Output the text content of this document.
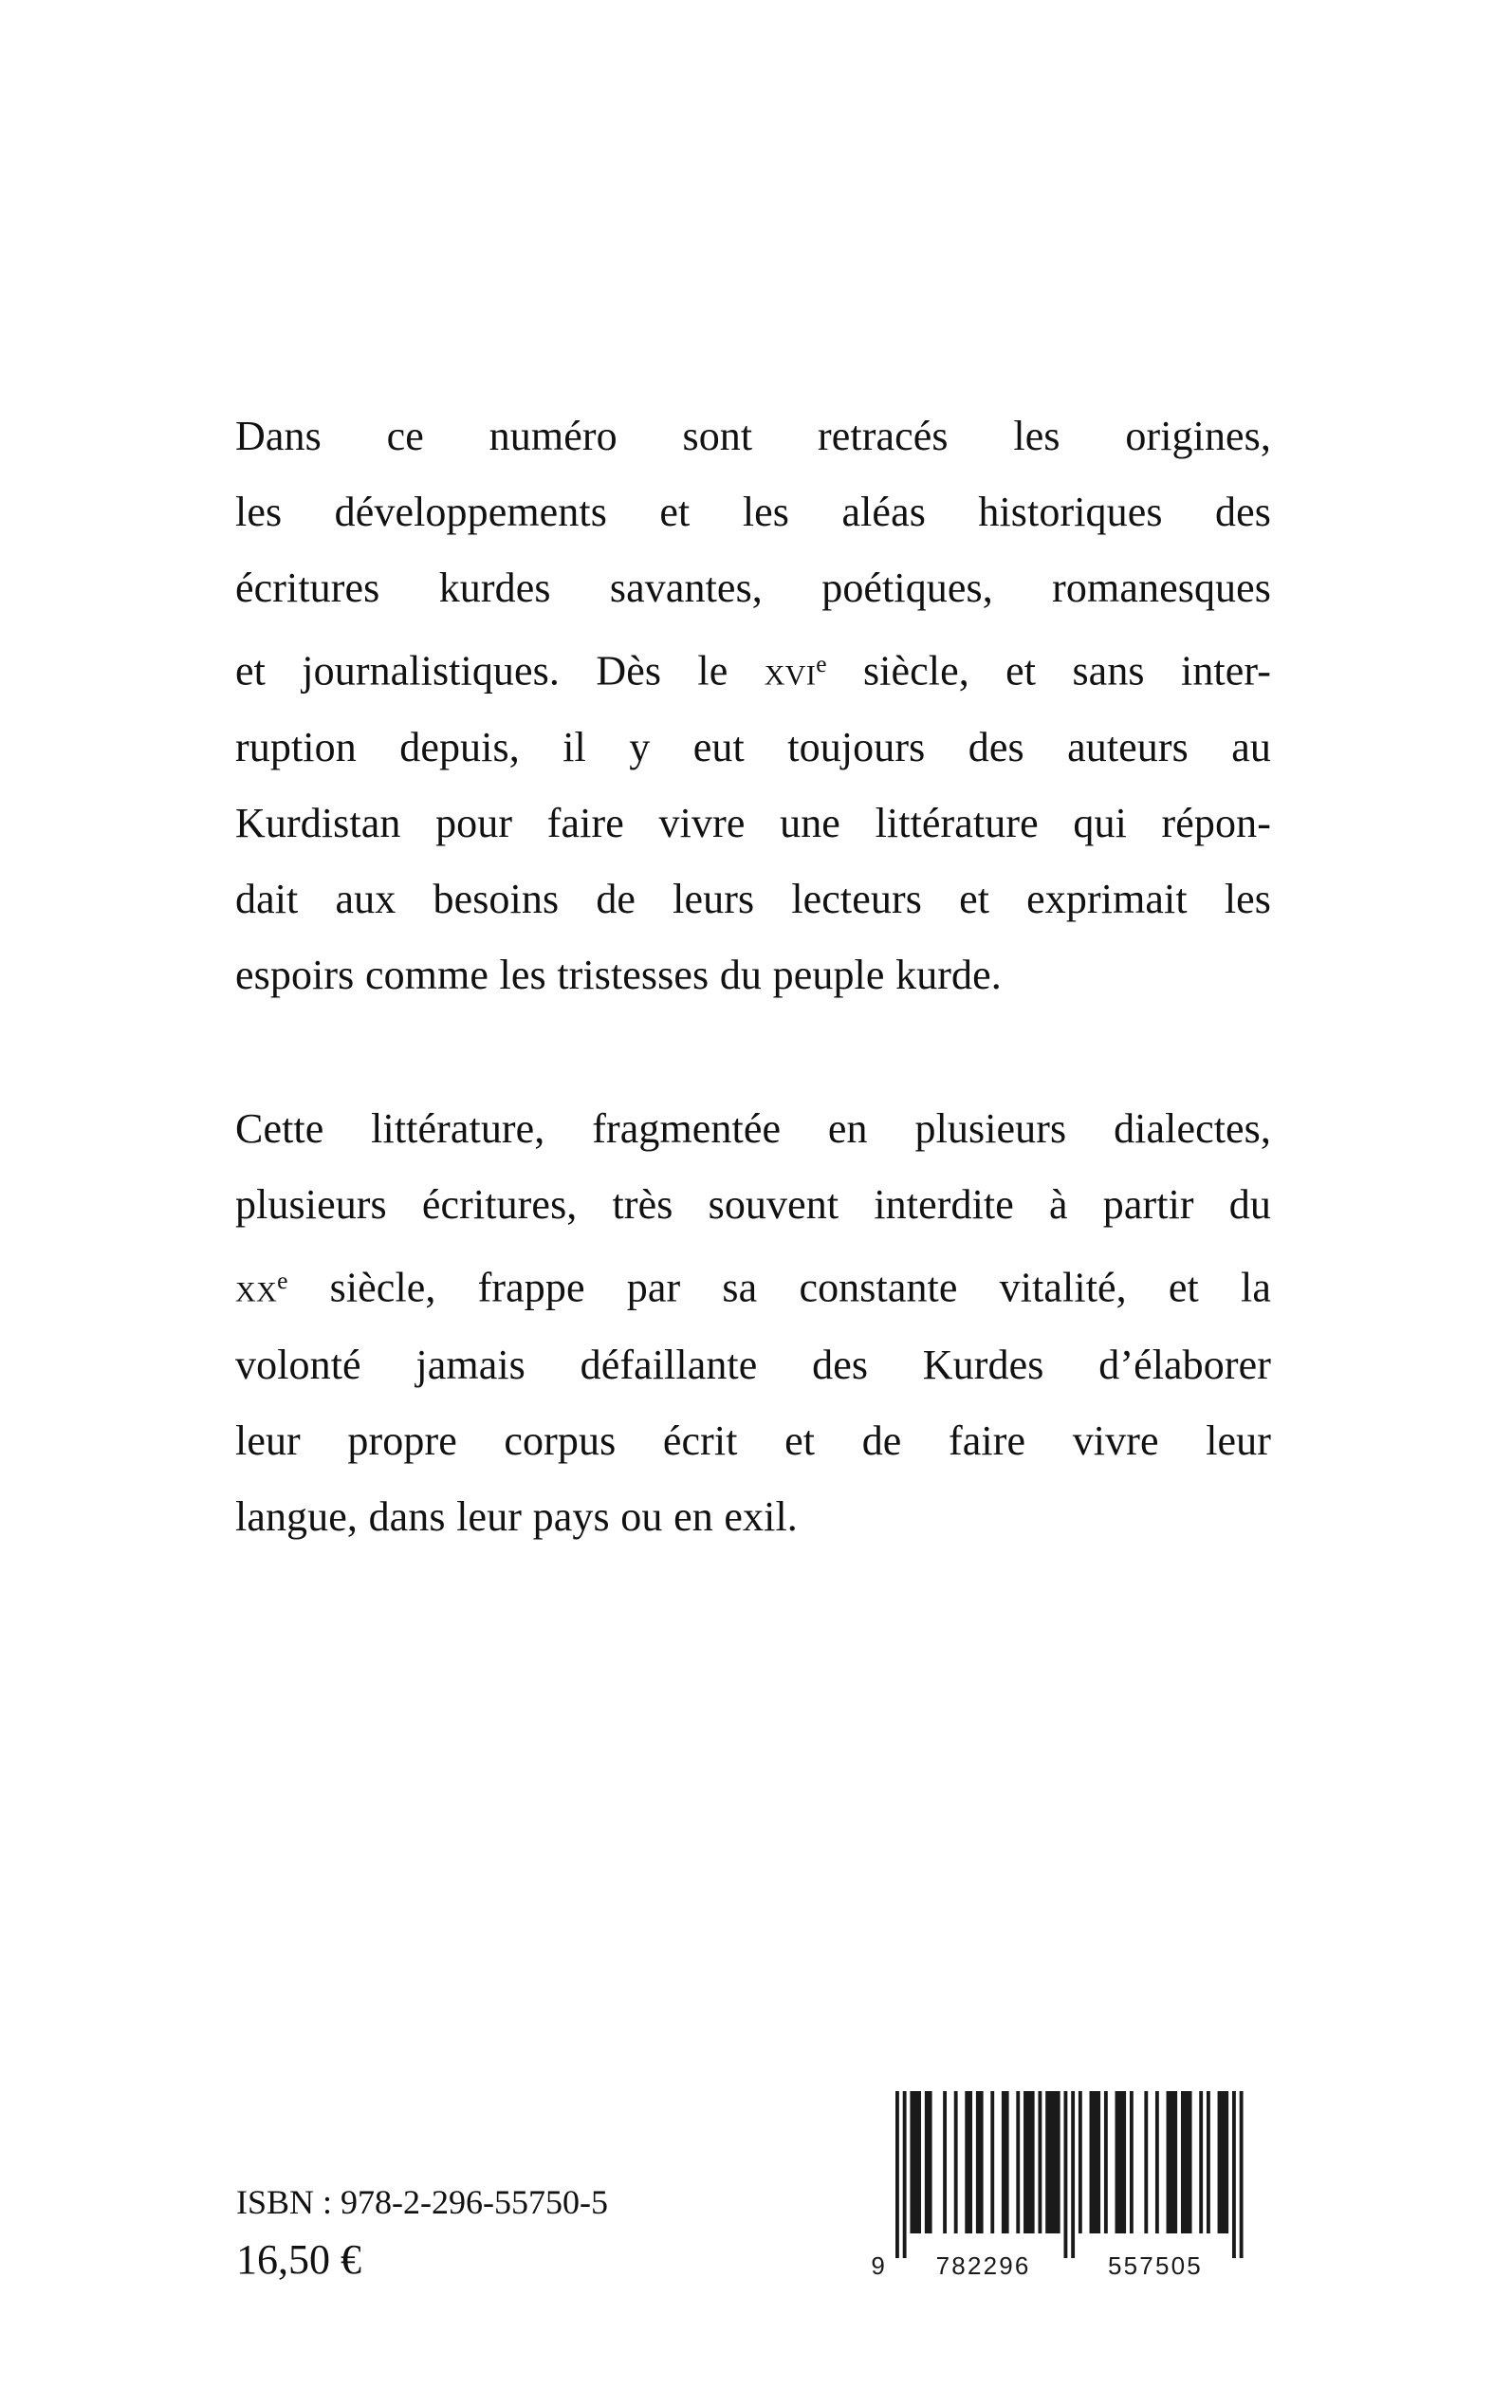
Dans ce numéro sont retracés les origines,
les développements et les aléas historiques des
écritures kurdes savantes, poétiques, romanesques
et journalistiques. Dès le xvi$^e$ siècle, et sans inter-
ruption depuis, il y eut toujours des auteurs au
Kurdistan pour faire vivre une littérature qui répon-
dait aux besoins de leurs lecteurs et exprimait les
espoirs comme les tristesses du peuple kurde.

Cette littérature, fragmentée en plusieurs dialectes,
plusieurs écritures, très souvent interdite à partir du
$xx^e$ siècle, frappe par sa constante vitalité, et la
volonté jamais défaillante des Kurdes d’élaborer
leur propre corpus écrit et de faire vivre leur
langue, dans leur pays ou en exil.

ISBN : 978-2-296-55750-5
16,50 €	9 782296	557505
